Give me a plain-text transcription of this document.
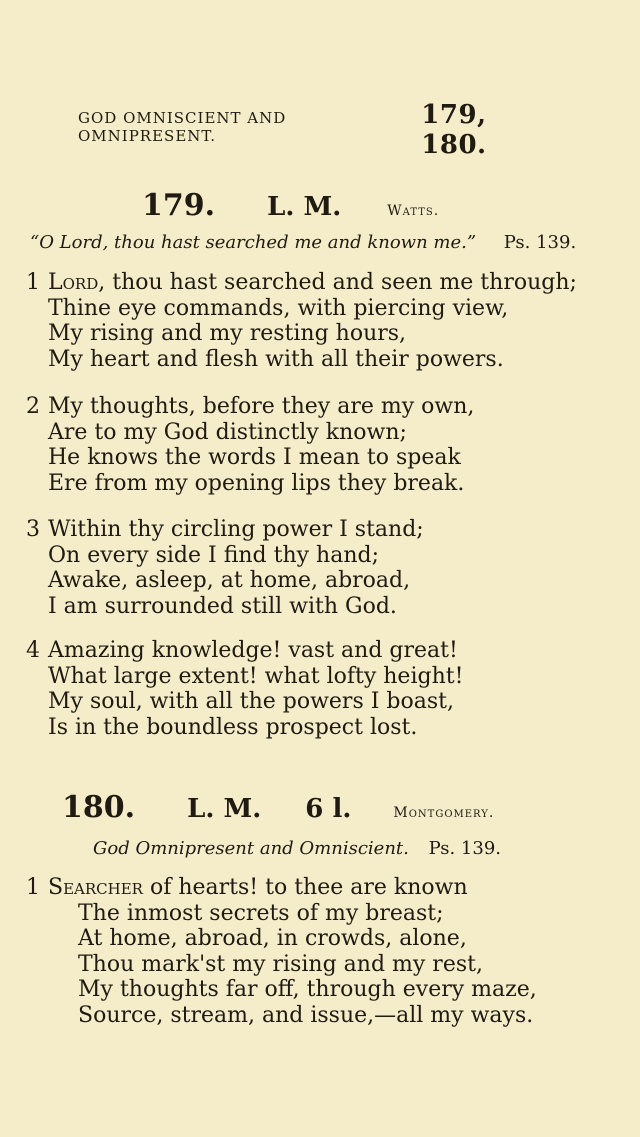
GOD OMNISCIENT AND OMNIPRESENT.
179, 180.
179. L. M.	Watts.
“O Lord, thou hast searched me and known me.” Ps. 139.
1 Lord, thou hast searched and seen me through;
Thine eye commands, with piercing view,
My rising and my resting hours,
My heart and flesh with all their powers.
2 My thoughts, before they are my own,
Are to my God distinctly known;
He knows the words I mean to speak
Ere from my opening lips they break.
3 Within thy circling power I stand;
On every side I find thy hand;
Awake, asleep, at home, abroad,
I am surrounded still with God.
4 Amazing knowledge! vast and great!
What large extent! what lofty height!
My soul, with all the powers I boast,
Is in the boundless prospect lost.
180. L. M. 6 l.	Montgomery.
God Omnipresent and Omniscient. Ps. 139.
1 Searcher of hearts! to thee are known
The inmost secrets of my breast;
At home, abroad, in crowds, alone,
Thou mark'st my rising and my rest,
My thoughts far off, through every maze,
Source, stream, and issue,—all my ways.
